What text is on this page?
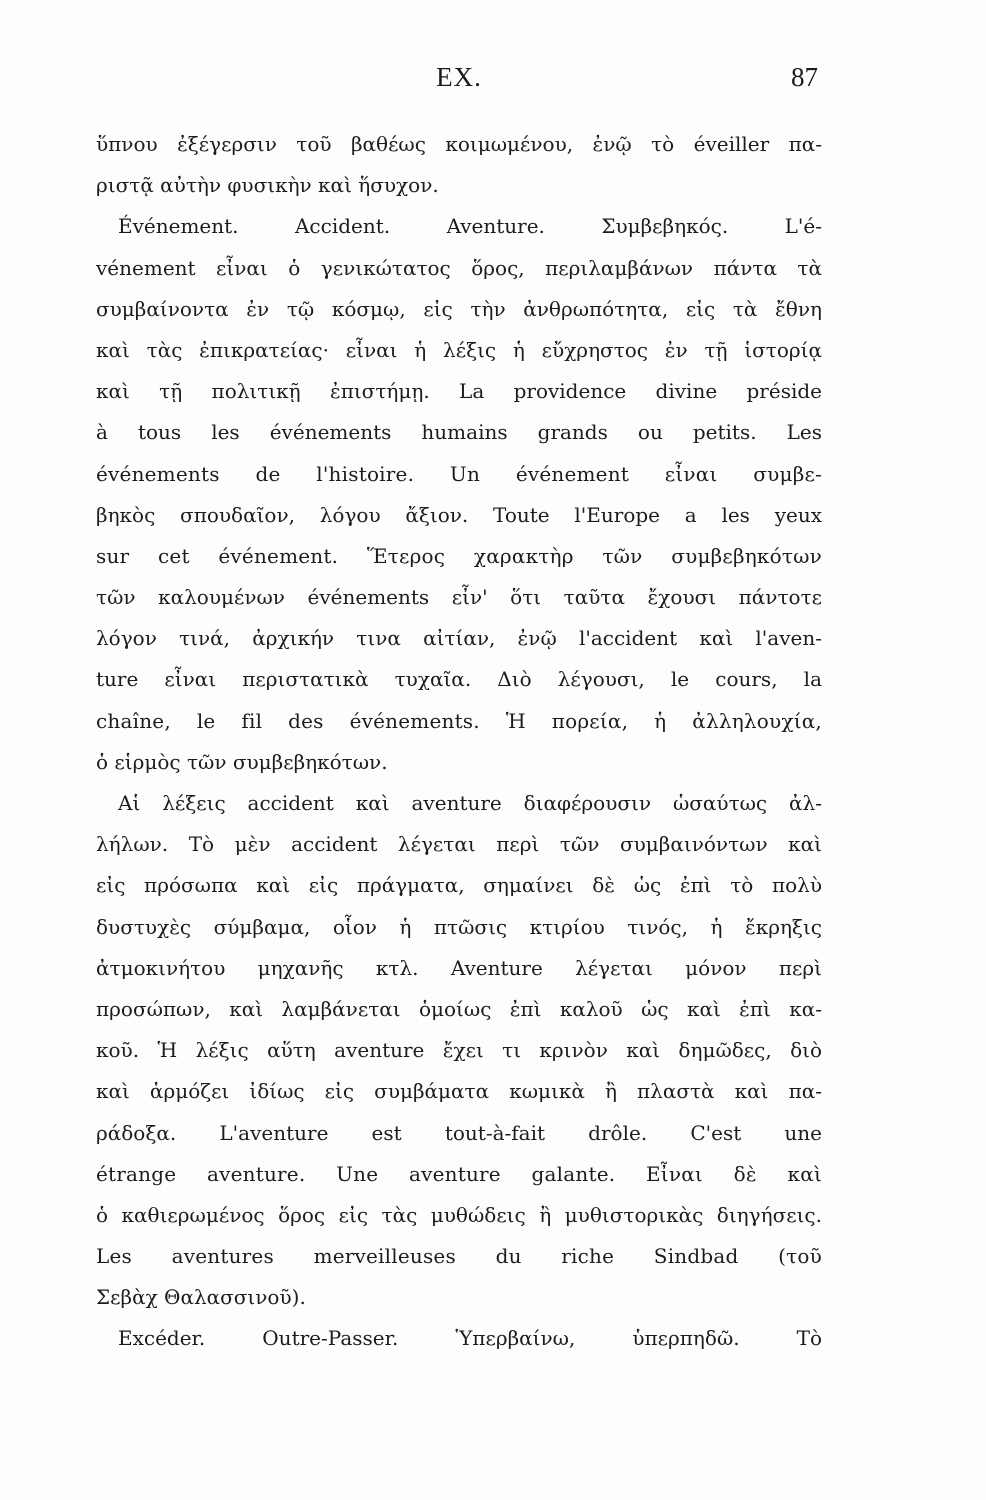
EX.	87
ὕπνου ἐξέγερσιν τοῦ βαθέως κοιμωμένου, ἐνῷ τὸ éveiller πα-
ριστᾷ αὐτὴν φυσικὴν καὶ ἥσυχον.
Événement. Accident. Aventure. Συμβεβηκός. L'é-
vénement εἶναι ὁ γενικώτατος ὅρος, περιλαμβάνων πάντα τὰ
συμβαίνοντα ἐν τῷ κόσμῳ, εἰς τὴν ἀνθρωπότητα, εἰς τὰ ἔθνη
καὶ τὰς ἐπικρατείας· εἶναι ἡ λέξις ἡ εὔχρηστος ἐν τῇ ἱστορίᾳ
καὶ τῇ πολιτικῇ ἐπιστήμῃ. La providence divine préside
à tous les événements humains grands ou petits. Les
événements de l'histoire. Un événement εἶναι συμβε-
βηκὸς σπουδαῖον, λόγου ἄξιον. Toute l'Europe a les yeux
sur cet événement. Ἕτερος χαρακτὴρ τῶν συμβεβηκότων
τῶν καλουμένων événements εἶν' ὅτι ταῦτα ἔχουσι πάντοτε
λόγον τινά, ἀρχικήν τινα αἰτίαν, ἐνῷ l'accident καὶ l'aven-
ture εἶναι περιστατικὰ τυχαῖα. Διὸ λέγουσι, le cours, la
chaîne, le fil des événements. Ἡ πορεία, ἡ ἀλληλουχία,
ὁ εἱρμὸς τῶν συμβεβηκότων.
Αἱ λέξεις accident καὶ aventure διαφέρουσιν ὡσαύτως ἀλ-
λήλων. Τὸ μὲν accident λέγεται περὶ τῶν συμβαινόντων καὶ
εἰς πρόσωπα καὶ εἰς πράγματα, σημαίνει δὲ ὡς ἐπὶ τὸ πολὺ
δυστυχὲς σύμβαμα, οἷον ἡ πτῶσις κτιρίου τινός, ἡ ἔκρηξις
ἀτμοκινήτου μηχανῆς κτλ. Aventure λέγεται μόνον περὶ
προσώπων, καὶ λαμβάνεται ὁμοίως ἐπὶ καλοῦ ὡς καὶ ἐπὶ κα-
κοῦ. Ἡ λέξις αὕτη aventure ἔχει τι κρινὸν καὶ δημῶδες, διὸ
καὶ ἁρμόζει ἰδίως εἰς συμβάματα κωμικὰ ἢ πλαστὰ καὶ πα-
ράδοξα. L'aventure est tout-à-fait drôle. C'est une
étrange aventure. Une aventure galante. Εἶναι δὲ καὶ
ὁ καθιερωμένος ὅρος εἰς τὰς μυθώδεις ἢ μυθιστορικὰς διηγήσεις.
Les aventures merveilleuses du riche Sindbad (τοῦ
Σεβὰχ Θαλασσινοῦ).
Excéder. Outre-Passer. Ὑπερβαίνω, ὑπερπηδῶ. Τὸ
